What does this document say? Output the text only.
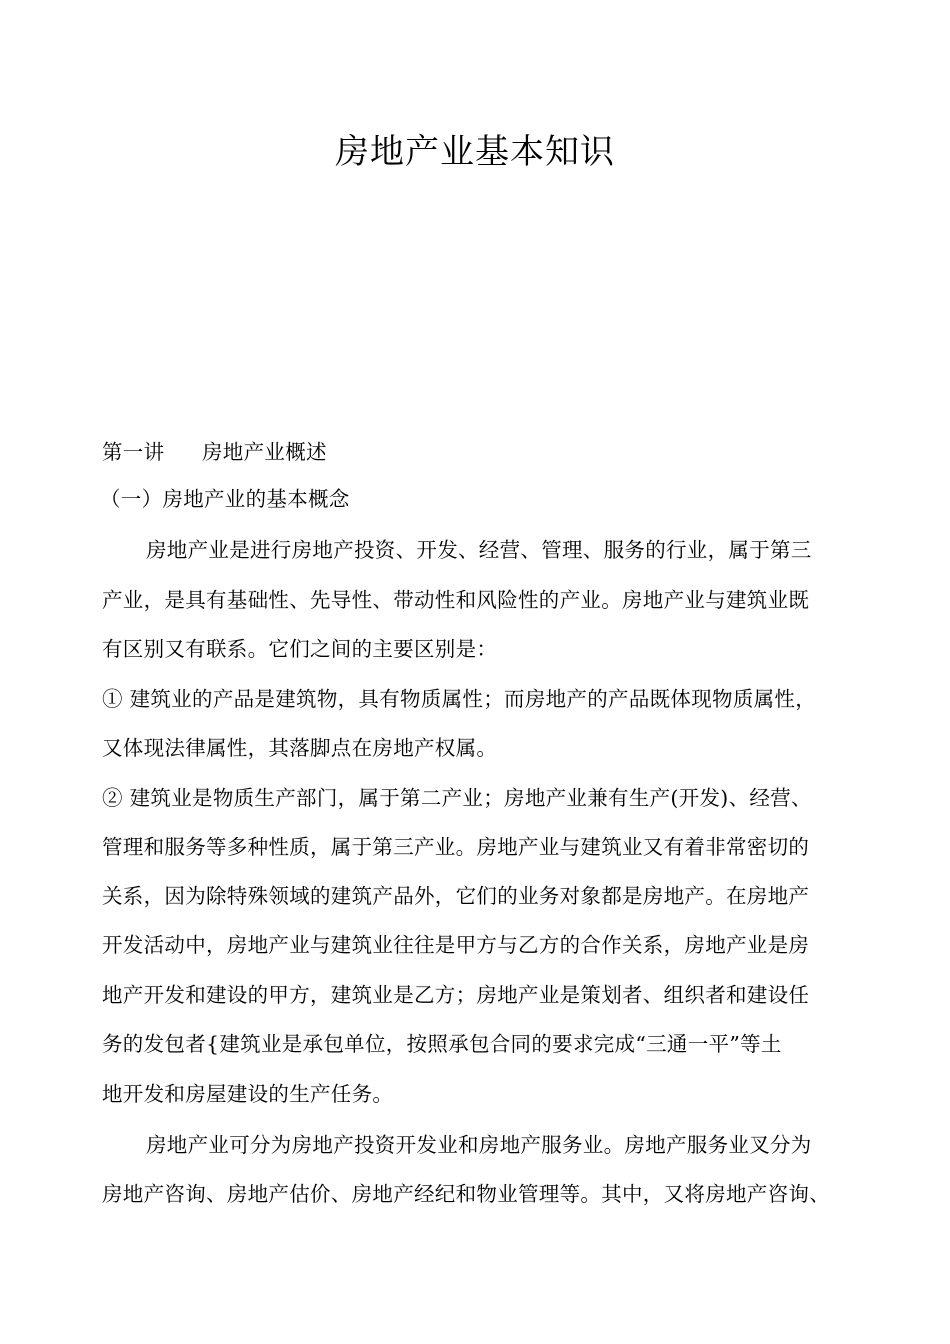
房地产业基本知识
第一讲 房地产业概述
（一）房地产业的基本概念
房地产业是进行房地产投资、开发、经营、管理、服务的行业，属于第三
产业，是具有基础性、先导性、带动性和风险性的产业。房地产业与建筑业既
有区别又有联系。它们之间的主要区别是：
① 建筑业的产品是建筑物，具有物质属性；而房地产的产品既体现物质属性，
又体现法律属性，其落脚点在房地产权属。
② 建筑业是物质生产部门，属于第二产业；房地产业兼有生产(开发)、经营、
管理和服务等多种性质，属于第三产业。房地产业与建筑业又有着非常密切的
关系，因为除特殊领域的建筑产品外，它们的业务对象都是房地产。在房地产
开发活动中，房地产业与建筑业往往是甲方与乙方的合作关系，房地产业是房
地产开发和建设的甲方，建筑业是乙方；房地产业是策划者、组织者和建设任
务的发包者{建筑业是承包单位，按照承包合同的要求完成“三通一平”等土
地开发和房屋建设的生产任务。
房地产业可分为房地产投资开发业和房地产服务业。房地产服务业叉分为
房地产咨询、房地产估价、房地产经纪和物业管理等。其中，又将房地产咨询、
